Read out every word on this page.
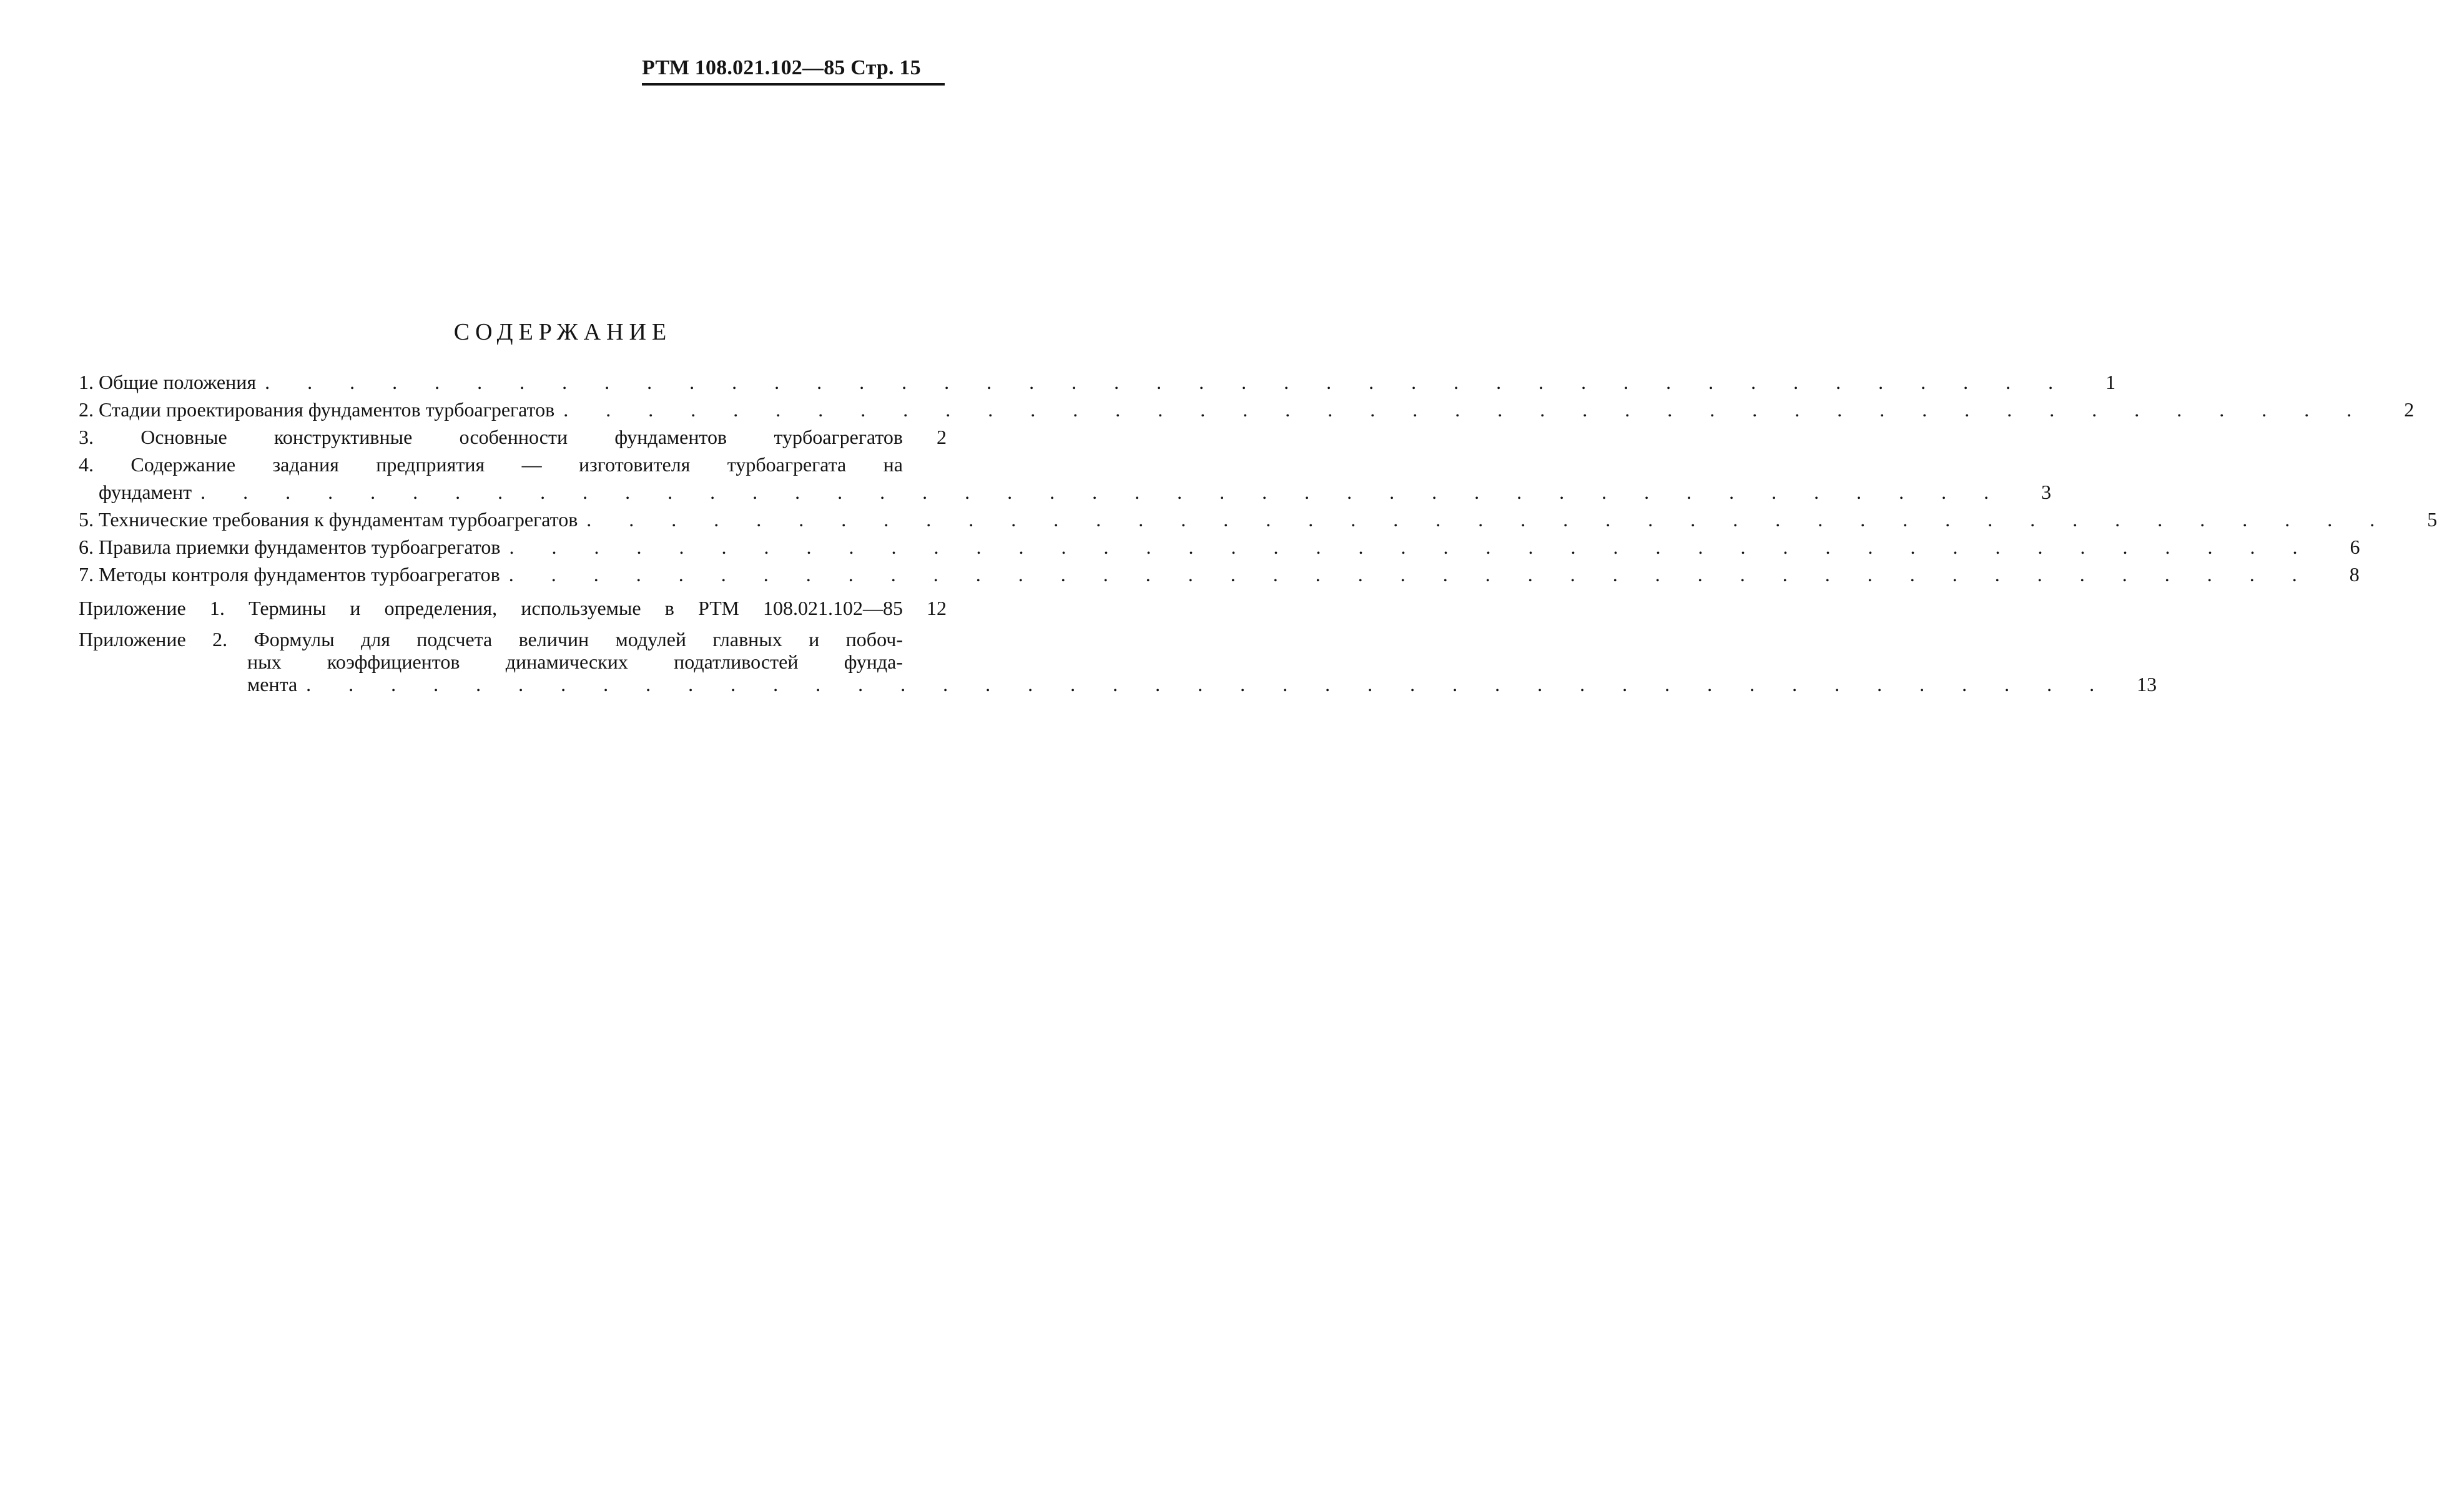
РТМ 108.021.102—85 Стр. 15
СОДЕРЖАНИЕ
1. Общие положения . . . . . . . . . . . . . . . . . . . . . . . . . . . . . . . . . . . . . . . . . . .	1
2. Стадии проектирования фундаментов турбоагрегатов . . . . . . . . . . . . . . . . . . . . . . . . . . . . . . . . . . . . . . . . . . .	2
3. Основные конструктивные особенности фундаментов турбоагрегатов	2
4. Содержание задания предприятия — изготовителя турбоагрегата на
фундамент . . . . . . . . . . . . . . . . . . . . . . . . . . . . . . . . . . . . . . . . . . .	3
5. Технические требования к фундаментам турбоагрегатов . . . . . . . . . . . . . . . . . . . . . . . . . . . . . . . . . . . . . . . . . . .	5
6. Правила приемки фундаментов турбоагрегатов . . . . . . . . . . . . . . . . . . . . . . . . . . . . . . . . . . . . . . . . . . .	6
7. Методы контроля фундаментов турбоагрегатов . . . . . . . . . . . . . . . . . . . . . . . . . . . . . . . . . . . . . . . . . . .	8
Приложение 1. Термины и определения, используемые в РТМ 108.021.102—85	12
Приложение 2. Формулы для подсчета величин модулей главных и побоч-
ных коэффициентов динамических податливостей фунда-
мента . . . . . . . . . . . . . . . . . . . . . . . . . . . . . . . . . . . . . . . . . . .	13
